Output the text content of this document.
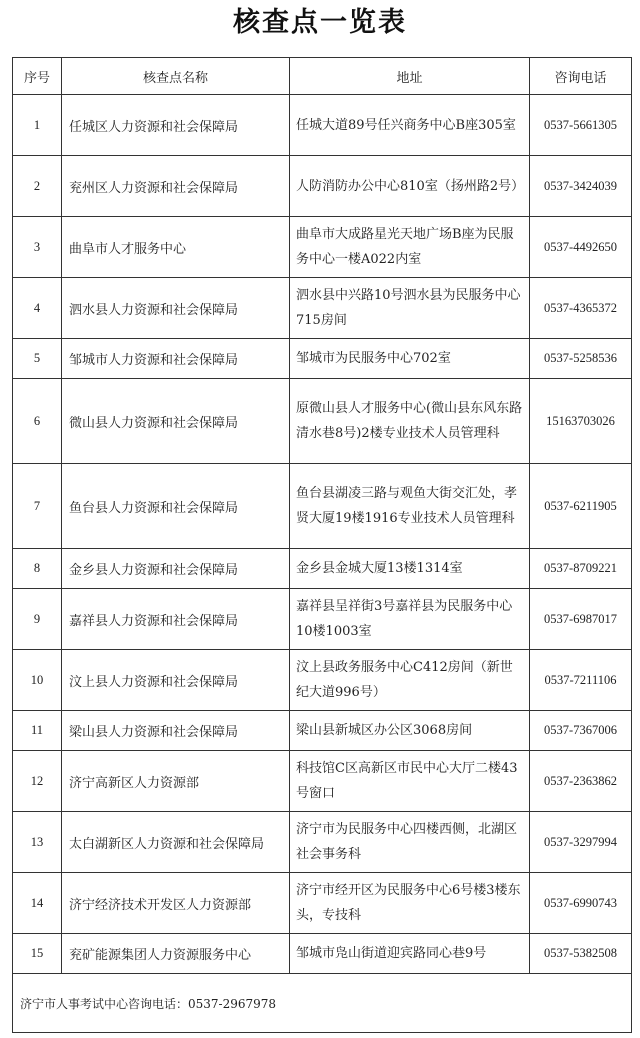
核查点一览表
序号	核查点名称	地址	咨询电话
1	任城区人力资源和社会保障局	任城大道89号任兴商务中心B座305室	0537-5661305
2	兖州区人力资源和社会保障局	人防消防办公中心810室（扬州路2号）	0537-3424039
3	曲阜市人才服务中心	曲阜市大成路星光天地广场B座为民服务中心一楼A022内室	0537-4492650
4	泗水县人力资源和社会保障局	泗水县中兴路10号泗水县为民服务中心715房间	0537-4365372
5	邹城市人力资源和社会保障局	邹城市为民服务中心702室	0537-5258536
6	微山县人力资源和社会保障局	原微山县人才服务中心(微山县东风东路清水巷8号)2楼专业技术人员管理科	15163703026
7	鱼台县人力资源和社会保障局	鱼台县湖凌三路与观鱼大街交汇处，孝贤大厦19楼1916专业技术人员管理科	0537-6211905
8	金乡县人力资源和社会保障局	金乡县金城大厦13楼1314室	0537-8709221
9	嘉祥县人力资源和社会保障局	嘉祥县呈祥街3号嘉祥县为民服务中心10楼1003室	0537-6987017
10	汶上县人力资源和社会保障局	汶上县政务服务中心C412房间（新世纪大道996号）	0537-7211106
11	梁山县人力资源和社会保障局	梁山县新城区办公区3068房间	0537-7367006
12	济宁高新区人力资源部	科技馆C区高新区市民中心大厅二楼43号窗口	0537-2363862
13	太白湖新区人力资源和社会保障局	济宁市为民服务中心四楼西侧，北湖区社会事务科	0537-3297994
14	济宁经济技术开发区人力资源部	济宁市经开区为民服务中心6号楼3楼东头，专技科	0537-6990743
15	兖矿能源集团人力资源服务中心	邹城市凫山街道迎宾路同心巷9号	0537-5382508
济宁市人事考试中心咨询电话：0537-2967978			
